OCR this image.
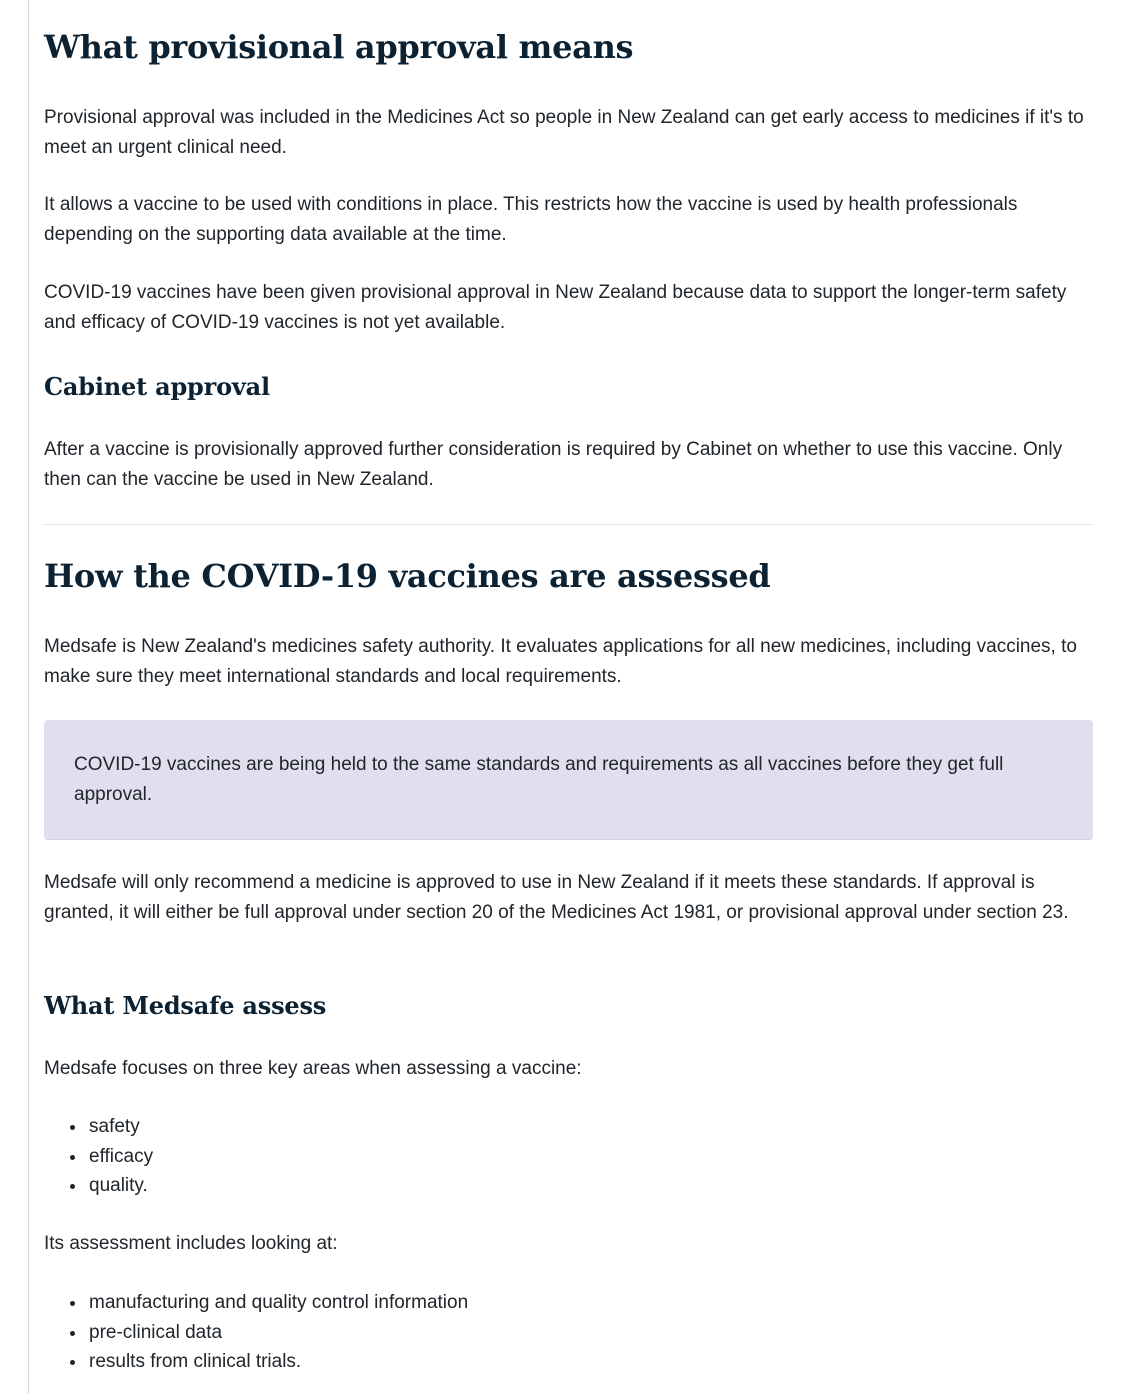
What provisional approval means

Provisional approval was included in the Medicines Act so people in New Zealand can get early access to medicines if it's to meet an urgent clinical need.

It allows a vaccine to be used with conditions in place. This restricts how the vaccine is used by health professionals depending on the supporting data available at the time.

COVID-19 vaccines have been given provisional approval in New Zealand because data to support the longer-term safety and efficacy of COVID-19 vaccines is not yet available.

Cabinet approval

After a vaccine is provisionally approved further consideration is required by Cabinet on whether to use this vaccine. Only then can the vaccine be used in New Zealand.

How the COVID-19 vaccines are assessed

Medsafe is New Zealand's medicines safety authority. It evaluates applications for all new medicines, including vaccines, to make sure they meet international standards and local requirements.

COVID-19 vaccines are being held to the same standards and requirements as all vaccines before they get full approval.

Medsafe will only recommend a medicine is approved to use in New Zealand if it meets these standards. If approval is granted, it will either be full approval under section 20 of the Medicines Act 1981, or provisional approval under section 23.

What Medsafe assess

Medsafe focuses on three key areas when assessing a vaccine:

safety
efficacy
quality.

Its assessment includes looking at:

manufacturing and quality control information
pre-clinical data
results from clinical trials.
